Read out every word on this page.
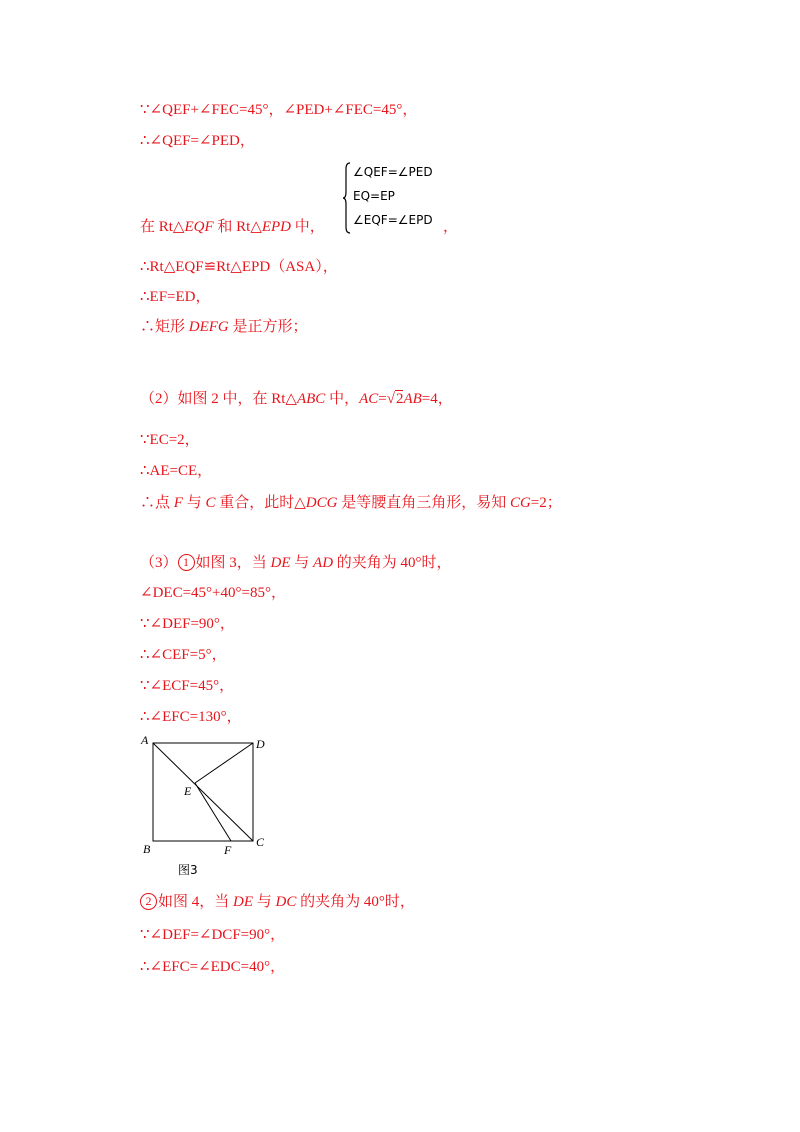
∵∠QEF+∠FEC=45°，∠PED+∠FEC=45°，
∴∠QEF=∠PED，
在 Rt△EQF 和 Rt△EPD 中，	，
∠QEF=∠PED
EQ=EP
∠EQF=∠EPD
∴Rt△EQF≌Rt△EPD（ASA），
∴EF=ED，
∴矩形 DEFG 是正方形；
（2）如图 2 中，在 Rt△ABC 中，AC=√2AB=4，
∵EC=2，
∴AE=CE，
∴点 F 与 C 重合，此时△DCG 是等腰直角三角形，易知 CG=2；
（3） 1 如图 3，当 DE 与 AD 的夹角为 40°时，
∠DEC=45°+40°=85°，
∵∠DEF=90°，
∴∠CEF=5°，
∵∠ECF=45°，
∴∠EFC=130°，
A	D
E
B	F
C
图3
2 如图 4，当 DE 与 DC 的夹角为 40°时，
∵∠DEF=∠DCF=90°，
∴∠EFC=∠EDC=40°，
